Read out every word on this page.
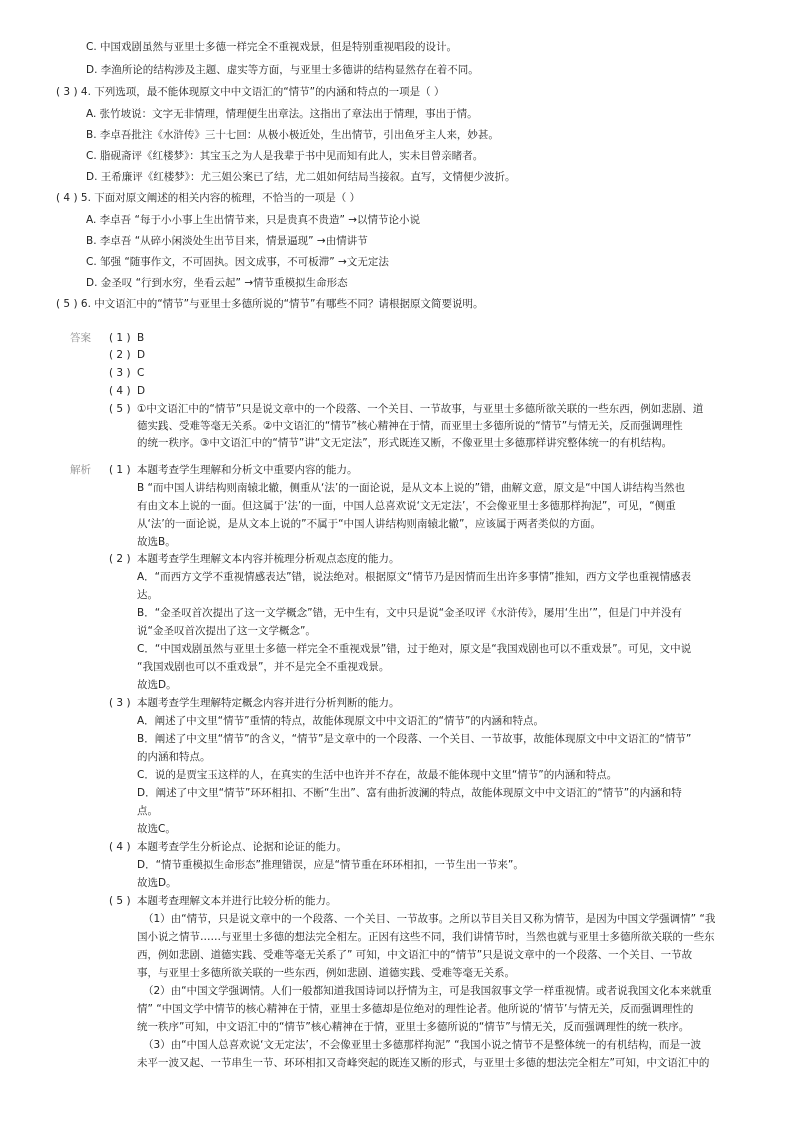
C. 中国戏剧虽然与亚里士多德一样完全不重视戏景，但是特别重视唱段的设计。
D. 李渔所论的结构涉及主题、虚实等方面，与亚里士多德讲的结构显然存在着不同。
( 3 ) 4. 下列选项，最不能体现原文中中文语汇的“情节”的内涵和特点的一项是（ ）
A. 张竹坡说：文字无非情理，情理便生出章法。这指出了章法出于情理，事出于情。
B. 李卓吾批注《水浒传》三十七回：从极小极近处，生出情节，引出鱼牙主人来，妙甚。
C. 脂砚斋评《红楼梦》：其宝玉之为人是我辈于书中见而知有此人，实未目曾亲睹者。
D. 王希廉评《红楼梦》：尤三姐公案已了结，尤二姐如何结局当接叙。直写，文情便少波折。
( 4 ) 5. 下面对原文阐述的相关内容的梳理，不恰当的一项是（ ）
A. 李卓吾 “每于小小事上生出情节来，只是贵真不贵造” →以情节论小说
B. 李卓吾 “从碎小闲淡处生出节目来，情景逼现” →由情讲节
C. 邹强 “随事作文，不可固执。因文成事，不可板滞” →文无定法
D. 金圣叹 “行到水穷，坐看云起” →情节重模拟生命形态
( 5 ) 6. 中文语汇中的“情节”与亚里士多德所说的“情节”有哪些不同？请根据原文简要说明。
答案 ( 1 ) B
( 2 ) D
( 3 ) C
( 4 ) D
( 5 ) ①中文语汇中的“情节”只是说文章中的一个段落、一个关目、一节故事，与亚里士多德所欲关联的一些东西，例如悲剧、道
德实践、受难等毫无关系。②中文语汇的“情节”核心精神在于情，而亚里士多德所说的“情节”与情无关，反而强调理性
的统一秩序。③中文语汇中的“情节”讲“文无定法”，形式既连又断，不像亚里士多德那样讲究整体统一的有机结构。
解析 ( 1 ) 本题考查学生理解和分析文中重要内容的能力。
B “而中国人讲结构则南辕北辙，侧重从‘法’的一面论说，是从文本上说的”错，曲解文意，原文是“中国人讲结构当然也
有由文本上说的一面。但这属于‘法’的一面，中国人总喜欢说‘文无定法’，不会像亚里士多德那样拘泥”，可见，“侧重
从‘法’的一面论说，是从文本上说的”不属于“中国人讲结构则南辕北辙”，应该属于两者类似的方面。
故选B。
( 2 ) 本题考查学生理解文本内容并梳理分析观点态度的能力。
A．“而西方文学不重视情感表达”错，说法绝对。根据原文“情节乃是因情而生出许多事情”推知，西方文学也重视情感表
达。
B．“金圣叹首次提出了这一文学概念”错，无中生有，文中只是说“金圣叹评《水浒传》，屡用‘生出’”，但是门中并没有
说“金圣叹首次提出了这一文学概念”。
C．“中国戏剧虽然与亚里士多德一样完全不重视戏景”错，过于绝对，原文是“我国戏剧也可以不重戏景”。可见，文中说
“我国戏剧也可以不重戏景”，并不是完全不重视戏景。
故选D。
( 3 ) 本题考查学生理解特定概念内容并进行分析判断的能力。
A．阐述了中文里“情节”重情的特点，故能体现原文中中文语汇的“情节”的内涵和特点。
B．阐述了中文里“情节”的含义，“情节”是文章中的一个段落、一个关目、一节故事，故能体现原文中中文语汇的“情节”
的内涵和特点。
C．说的是贾宝玉这样的人，在真实的生活中也许并不存在，故最不能体现中文里“情节”的内涵和特点。
D．阐述了中文里“情节”环环相扣、不断“生出”、富有曲折波澜的特点，故能体现原文中中文语汇的“情节”的内涵和特
点。
故选C。
( 4 ) 本题考查学生分析论点、论据和论证的能力。
D．“情节重模拟生命形态”推理错误，应是“情节重在环环相扣，一节生出一节来”。
故选D。
( 5 ) 本题考查理解文本并进行比较分析的能力。
（1）由“情节，只是说文章中的一个段落、一个关目、一节故事。之所以节目关目又称为情节，是因为中国文学强调情” “我
国小说之情节……与亚里士多德的想法完全相左。正因有这些不同，我们讲情节时，当然也就与亚里士多德所欲关联的一些东
西，例如悲剧、道德实践、受难等毫无关系了” 可知，中文语汇中的“情节”只是说文章中的一个段落、一个关目、一节故
事，与亚里士多德所欲关联的一些东西，例如悲剧、道德实践、受难等毫无关系。
（2）由“中国文学强调情。人们一般都知道我国诗词以抒情为主，可是我国叙事文学一样重视情。或者说我国文化本来就重
情” “中国文学中情节的核心精神在于情，亚里士多德却是位绝对的理性论者。他所说的‘情节’与情无关，反而强调理性的
统一秩序”可知，中文语汇中的“情节”核心精神在于情，亚里士多德所说的“情节”与情无关，反而强调理性的统一秩序。
（3）由“中国人总喜欢说‘文无定法’，不会像亚里士多德那样拘泥” “我国小说之情节不是整体统一的有机结构，而是一波
未平一波又起、一节串生一节、环环相扣又奇峰突起的既连又断的形式，与亚里士多德的想法完全相左”可知，中文语汇中的
